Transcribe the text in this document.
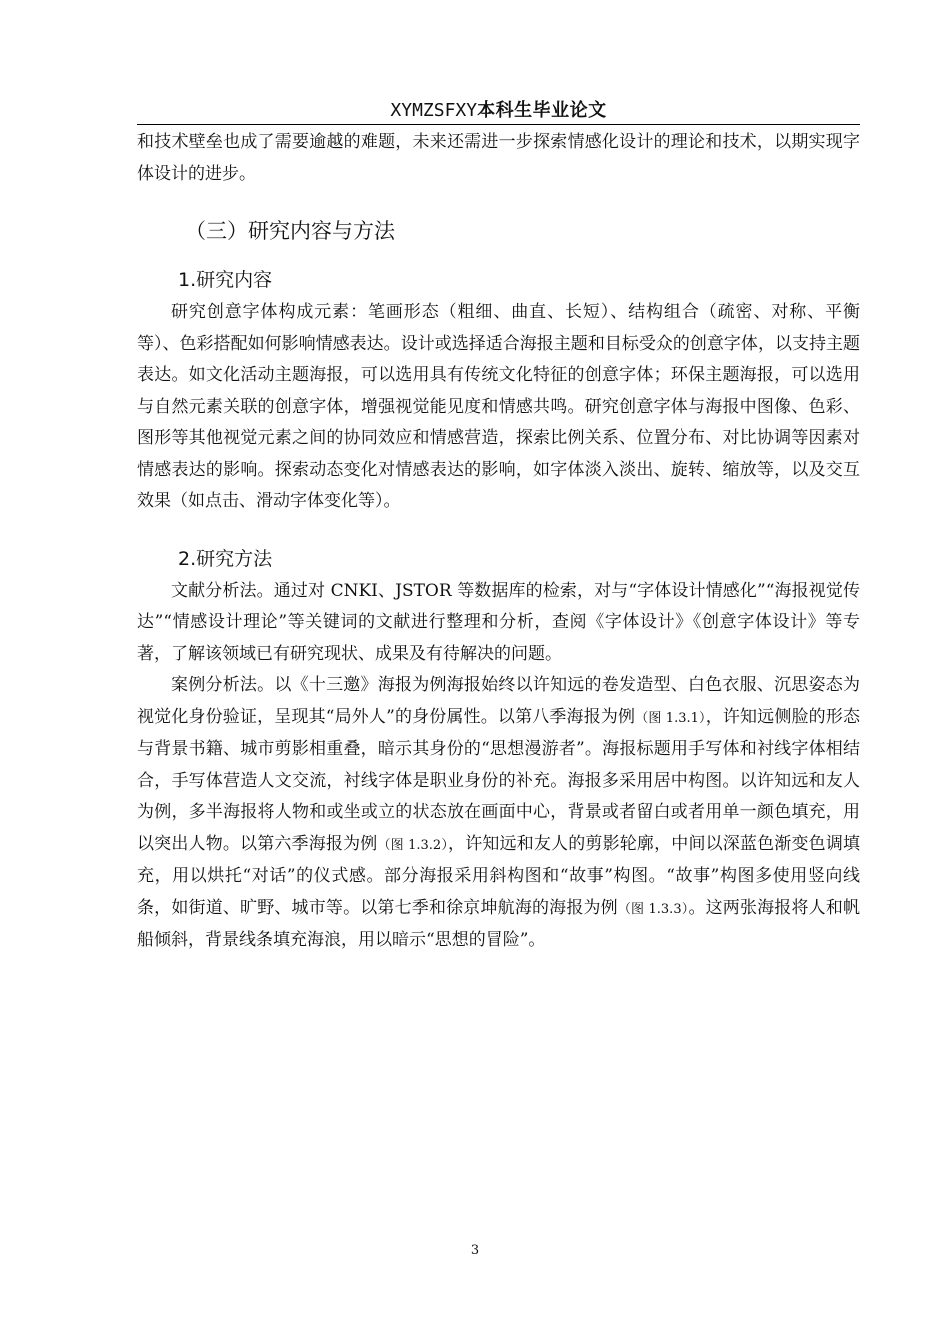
XYMZSFXY本科生毕业论文

和技术壁垒也成了需要逾越的难题，未来还需进一步探索情感化设计的理论和技术，以期实现字体设计的进步。

（三）研究内容与方法
1.研究内容

研究创意字体构成元素：笔画形态（粗细、曲直、长短）、结构组合（疏密、对称、平衡等）、色彩搭配如何影响情感表达。设计或选择适合海报主题和目标受众的创意字体，以支持主题表达。如文化活动主题海报，可以选用具有传统文化特征的创意字体；环保主题海报，可以选用与自然元素关联的创意字体，增强视觉能见度和情感共鸣。研究创意字体与海报中图像、色彩、图形等其他视觉元素之间的协同效应和情感营造，探索比例关系、位置分布、对比协调等因素对情感表达的影响。探索动态变化对情感表达的影响，如字体淡入淡出、旋转、缩放等，以及交互效果（如点击、滑动字体变化等）。

2.研究方法

文献分析法。通过对 CNKI、JSTOR 等数据库的检索，对与“字体设计情感化”“海报视觉传达”“情感设计理论”等关键词的文献进行整理和分析，查阅《字体设计》《创意字体设计》等专著，了解该领域已有研究现状、成果及有待解决的问题。

案例分析法。以《十三邀》海报为例海报始终以许知远的卷发造型、白色衣服、沉思姿态为视觉化身份验证，呈现其“局外人”的身份属性。以第八季海报为例（图 1.3.1），许知远侧脸的形态与背景书籍、城市剪影相重叠，暗示其身份的“思想漫游者”。海报标题用手写体和衬线字体相结合，手写体营造人文交流，衬线字体是职业身份的补充。海报多采用居中构图。以许知远和友人为例，多半海报将人物和或坐或立的状态放在画面中心，背景或者留白或者用单一颜色填充，用以突出人物。以第六季海报为例（图 1.3.2），许知远和友人的剪影轮廓，中间以深蓝色渐变色调填充，用以烘托“对话”的仪式感。部分海报采用斜构图和“故事”构图。“故事”构图多使用竖向线条，如街道、旷野、城市等。以第七季和徐京坤航海的海报为例（图 1.3.3）。这两张海报将人和帆船倾斜，背景线条填充海浪，用以暗示“思想的冒险”。

3
